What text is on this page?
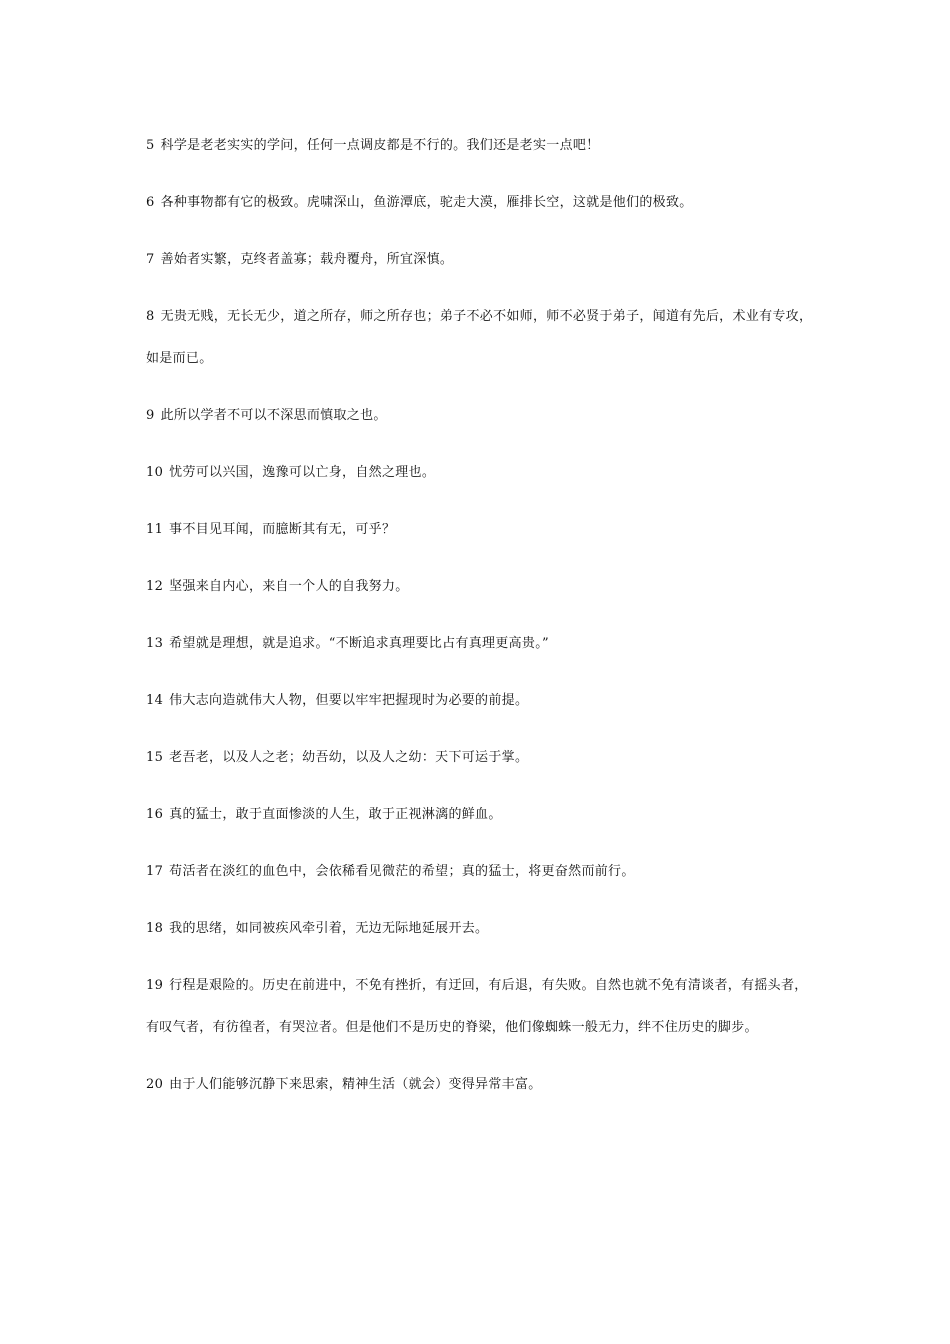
5 科学是老老实实的学问，任何一点调皮都是不行的。我们还是老实一点吧！

6 各种事物都有它的极致。虎啸深山，鱼游潭底，驼走大漠，雁排长空，这就是他们的极致。

7 善始者实繁，克终者盖寡；载舟覆舟，所宜深慎。

8 无贵无贱，无长无少，道之所存，师之所存也；弟子不必不如师，师不必贤于弟子，闻道有先后，术业有专攻，如是而已。

9 此所以学者不可以不深思而慎取之也。

10 忧劳可以兴国，逸豫可以亡身，自然之理也。

11 事不目见耳闻，而臆断其有无，可乎？

12 坚强来自内心，来自一个人的自我努力。

13 希望就是理想，就是追求。“不断追求真理要比占有真理更高贵。”

14 伟大志向造就伟大人物，但要以牢牢把握现时为必要的前提。

15 老吾老，以及人之老；幼吾幼，以及人之幼：天下可运于掌。

16 真的猛士，敢于直面惨淡的人生，敢于正视淋漓的鲜血。

17 苟活者在淡红的血色中，会依稀看见微茫的希望；真的猛士，将更奋然而前行。

18 我的思绪，如同被疾风牵引着，无边无际地延展开去。

19 行程是艰险的。历史在前进中，不免有挫折，有迂回，有后退，有失败。自然也就不免有清谈者，有摇头者，有叹气者，有彷徨者，有哭泣者。但是他们不是历史的脊梁，他们像蜘蛛一般无力，绊不住历史的脚步。

20 由于人们能够沉静下来思索，精神生活（就会）变得异常丰富。
